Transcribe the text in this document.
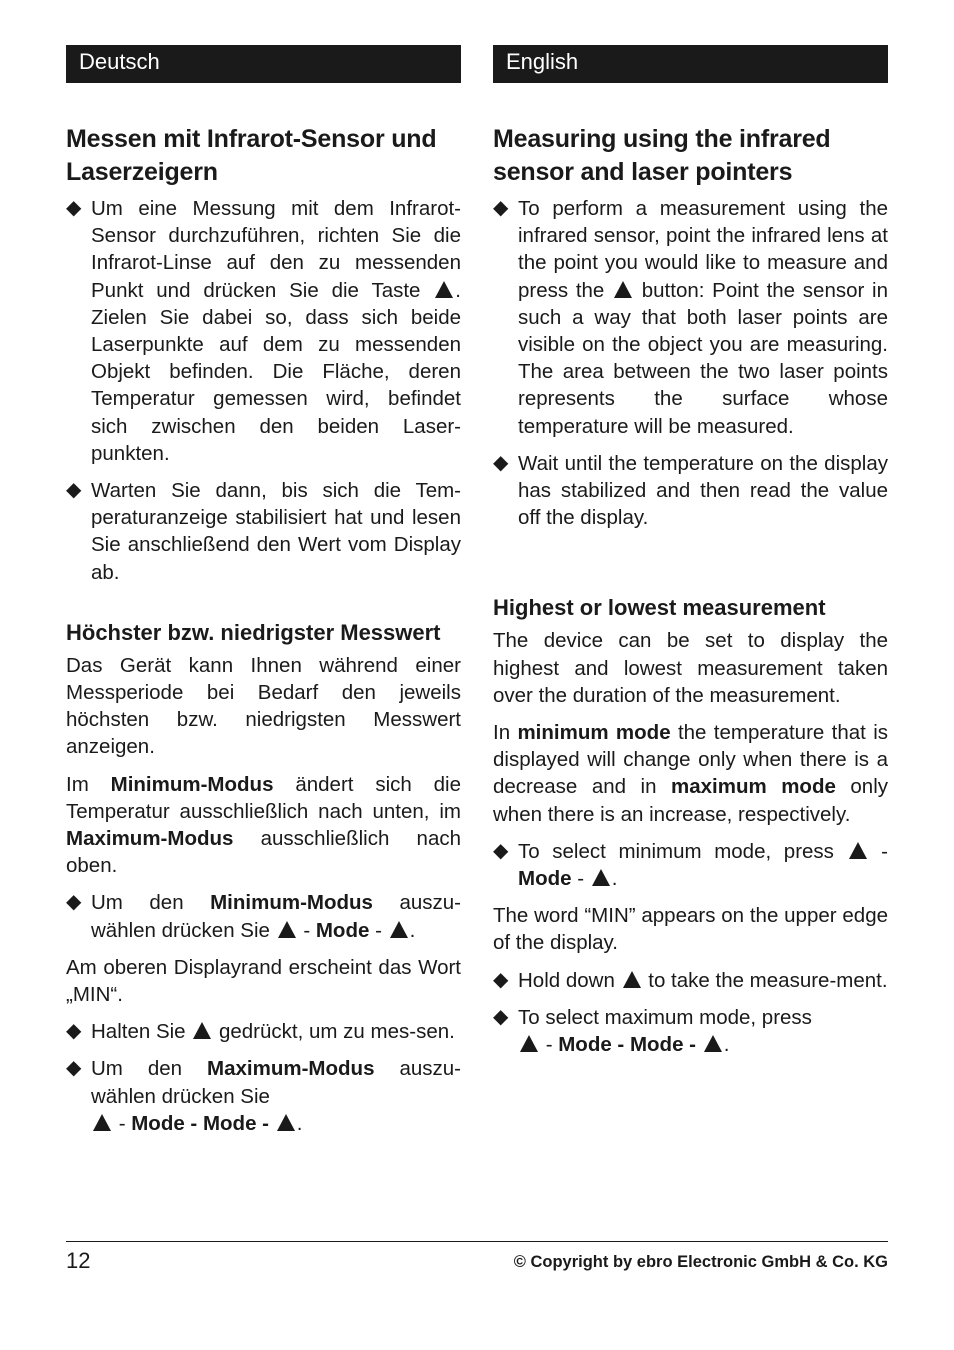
Deutsch
Messen mit Infrarot-Sensor und Laserzeigern
◆ Um eine Messung mit dem Infrarot-Sensor durchzuführen, richten Sie die Infrarot-Linse auf den zu messenden Punkt und drücken Sie die Taste . Zielen Sie dabei so, dass sich beide Laserpunkte auf dem zu messenden Objekt befinden. Die Fläche, deren Temperatur gemessen wird, befindet sich zwischen den beiden Laser-punkten.
◆ Warten Sie dann, bis sich die Tem-peraturanzeige stabilisiert hat und lesen Sie anschließend den Wert vom Display ab.
Höchster bzw. niedrigster Messwert

Das Gerät kann Ihnen während einer Messperiode bei Bedarf den jeweils höchsten bzw. niedrigsten Messwert anzeigen.

Im Minimum-Modus ändert sich die Temperatur ausschließlich nach unten, im Maximum-Modus ausschließlich nach oben.

◆ Um den Minimum-Modus auszu-wählen drücken Sie  - Mode - .

Am oberen Displayrand erscheint das Wort „MIN“.

◆ Halten Sie  gedrückt, um zu mes-sen.
◆ Um den Maximum-Modus auszu-wählen drücken Sie
- Mode - Mode - .
English
Measuring using the infrared sensor and laser pointers
◆ To perform a measurement using the infrared sensor, point the infrared lens at the point you would like to measure and press the  button: Point the sensor in such a way that both laser points are visible on the object you are measuring. The area between the two laser points represents the surface whose temperature will be measured.
◆ Wait until the temperature on the display has stabilized and then read the value off the display.
Highest or lowest measurement

The device can be set to display the highest and lowest measurement taken over the duration of the measurement.

In minimum mode the temperature that is displayed will change only when there is a decrease and in maximum mode only when there is an increase, respectively.

◆ To select minimum mode, press  - Mode - .

The word “MIN” appears on the upper edge of the display.

◆ Hold down  to take the measure-ment.
◆ To select maximum mode, press
- Mode - Mode - .
12	© Copyright by ebro Electronic GmbH & Co. KG
